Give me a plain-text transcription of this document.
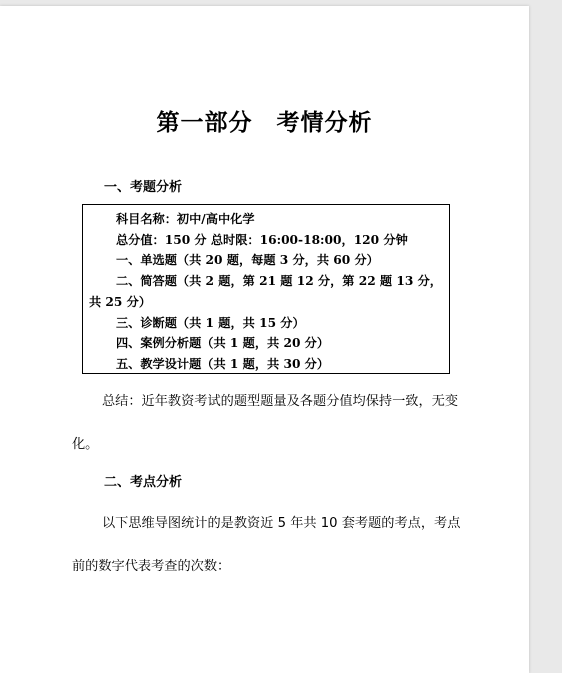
第一部分　考情分析
一、考题分析
科目名称：初中/高中化学
总分值：150 分 总时限：16:00-18:00，120 分钟
一、单选题（共 20 题，每题 3 分，共 60 分）
二、简答题（共 2 题，第 21 题 12 分，第 22 题 13 分，共 25 分）
三、诊断题（共 1 题，共 15 分）
四、案例分析题（共 1 题，共 20 分）
五、教学设计题（共 1 题，共 30 分）
总结：近年教资考试的题型题量及各题分值均保持一致，无变化。
二、考点分析
以下思维导图统计的是教资近 5 年共 10 套考题的考点，考点前的数字代表考查的次数：
